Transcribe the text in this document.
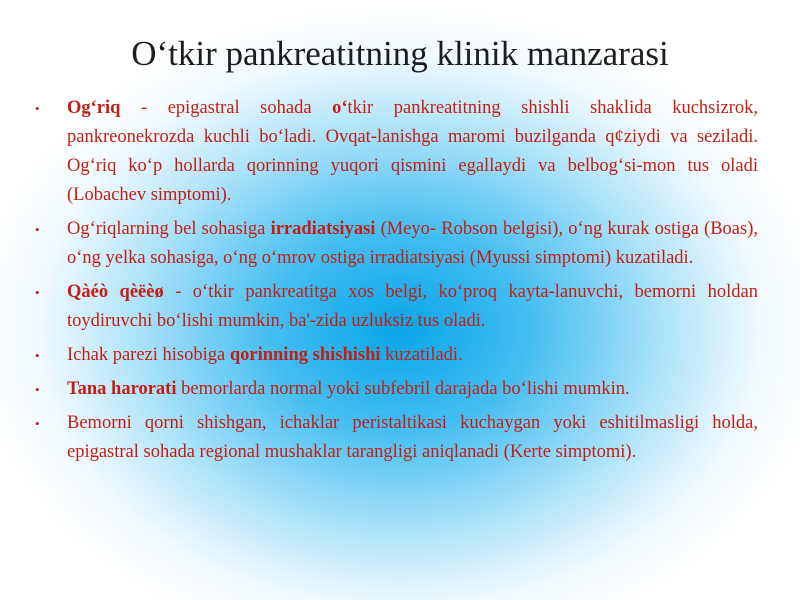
O‘tkir pankreatitning klinik manzarasi
• Og‘riq - epigastral sohada o‘tkir pankreatitning shishli shaklida kuchsizrok, pankreonekrozda kuchli bo‘ladi. Ovqat-lanishga maromi buzilganda q¢ziydi va seziladi. Og‘riq ko‘p hollarda qorinning yuqori qismini egallaydi va belbog‘si-mon tus oladi (Lobachev simptomi).
• Og‘riqlarning bel sohasiga irradiatsiyasi (Meyo- Robson belgisi), o‘ng kurak ostiga (Boas), o‘ng yelka sohasiga, o‘ng o‘mrov ostiga irradiatsiyasi (Myussi simptomi) kuzatiladi.
• Qàéò qèëèø - o‘tkir pankreatitga xos belgi, ko‘proq kayta-lanuvchi, bemorni holdan toydiruvchi bo‘lishi mumkin, ba'-zida uzluksiz tus oladi.
• Ichak parezi hisobiga qorinning shishishi kuzatiladi.
• Tana harorati bemorlarda normal yoki subfebril darajada bo‘lishi mumkin.
• Bemorni qorni shishgan, ichaklar peristaltikasi kuchaygan yoki eshitilmasligi holda, epigastral sohada regional mushaklar tarangligi aniqlanadi (Kerte simptomi).
